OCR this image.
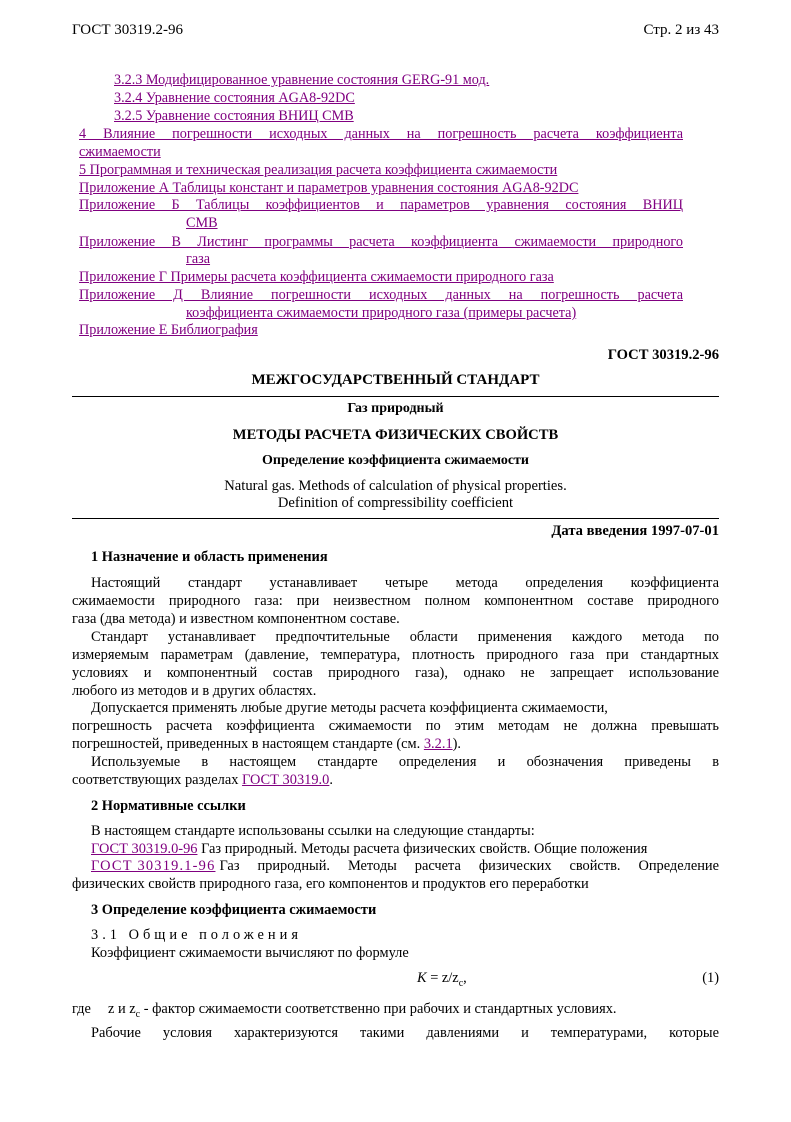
ГОСТ 30319.2-96	Стр. 2 из 43
3.2.3 Модифицированное уравнение состояния GERG-91 мод.
3.2.4 Уравнение состояния AGA8-92DC
3.2.5 Уравнение состояния ВНИЦ СМВ
4 Влияние погрешности исходных данных на погрешность расчета коэффициента
сжимаемости
5 Программная и техническая реализация расчета коэффициента сжимаемости
Приложение А Таблицы констант и параметров уравнения состояния AGA8-92DC
Приложение Б Таблицы коэффициентов и параметров уравнения состояния ВНИЦ
СМВ
Приложение В Листинг программы расчета коэффициента сжимаемости природного
газа
Приложение Г Примеры расчета коэффициента сжимаемости природного газа
Приложение Д Влияние погрешности исходных данных на погрешность расчета
коэффициента сжимаемости природного газа (примеры расчета)
Приложение Е Библиография
ГОСТ 30319.2-96
МЕЖГОСУДАРСТВЕННЫЙ СТАНДАРТ
Газ природный
МЕТОДЫ РАСЧЕТА ФИЗИЧЕСКИХ СВОЙСТВ
Определение коэффициента сжимаемости
Natural gas. Methods of calculation of physical properties.
Definition of compressibility coefficient
Дата введения 1997-07-01
1 Назначение и область применения
Настоящий стандарт устанавливает четыре метода определения коэффициента
сжимаемости природного газа: при неизвестном полном компонентном составе природного
газа (два метода) и известном компонентном составе.
Стандарт устанавливает предпочтительные области применения каждого метода по
измеряемым параметрам (давление, температура, плотность природного газа при стандартных
условиях и компонентный состав природного газа), однако не запрещает использование
любого из методов и в других областях.
Допускается применять любые другие методы расчета коэффициента сжимаемости,
погрешность расчета коэффициента сжимаемости по этим методам не должна превышать
погрешностей, приведенных в настоящем стандарте (см. 3.2.1).
Используемые в настоящем стандарте определения и обозначения приведены в
соответствующих разделах ГОСТ 30319.0.
2 Нормативные ссылки
В настоящем стандарте использованы ссылки на следующие стандарты:
ГОСТ 30319.0-96 Газ природный. Методы расчета физических свойств. Общие положения
ГОСТ 30319.1-96 Газ природный. Методы расчета физических свойств. Определение
физических свойств природного газа, его компонентов и продуктов его переработки
3 Определение коэффициента сжимаемости
3.1 Общие положения
Коэффициент сжимаемости вычисляют по формуле
$K = z/z_c$,	(1)
где z и $z_c$ - фактор сжимаемости соответственно при рабочих и стандартных условиях.
Рабочие условия характеризуются такими давлениями и температурами, которые
